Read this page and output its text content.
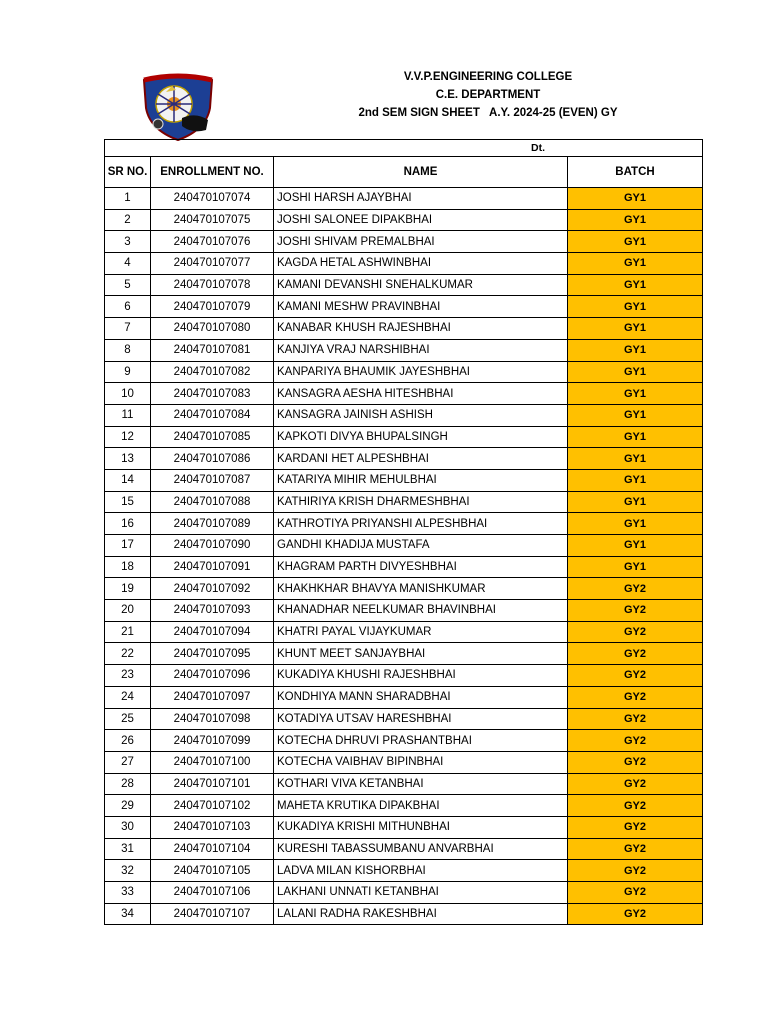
V.V.P.ENGINEERING COLLEGE
C.E. DEPARTMENT
2nd SEM SIGN SHEET   A.Y. 2024-25 (EVEN) GY
Dt.			
SR NO.	ENROLLMENT NO.	NAME	BATCH
1	240470107074	JOSHI HARSH AJAYBHAI	GY1
2	240470107075	JOSHI SALONEE DIPAKBHAI	GY1
3	240470107076	JOSHI SHIVAM PREMALBHAI	GY1
4	240470107077	KAGDA HETAL ASHWINBHAI	GY1
5	240470107078	KAMANI DEVANSHI SNEHALKUMAR	GY1
6	240470107079	KAMANI MESHW PRAVINBHAI	GY1
7	240470107080	KANABAR KHUSH RAJESHBHAI	GY1
8	240470107081	KANJIYA VRAJ NARSHIBHAI	GY1
9	240470107082	KANPARIYA BHAUMIK JAYESHBHAI	GY1
10	240470107083	KANSAGRA AESHA HITESHBHAI	GY1
11	240470107084	KANSAGRA JAINISH ASHISH	GY1
12	240470107085	KAPKOTI DIVYA BHUPALSINGH	GY1
13	240470107086	KARDANI HET ALPESHBHAI	GY1
14	240470107087	KATARIYA MIHIR MEHULBHAI	GY1
15	240470107088	KATHIRIYA KRISH DHARMESHBHAI	GY1
16	240470107089	KATHROTIYA PRIYANSHI ALPESHBHAI	GY1
17	240470107090	GANDHI KHADIJA MUSTAFA	GY1
18	240470107091	KHAGRAM PARTH DIVYESHBHAI	GY1
19	240470107092	KHAKHKHAR BHAVYA MANISHKUMAR	GY2
20	240470107093	KHANADHAR NEELKUMAR BHAVINBHAI	GY2
21	240470107094	KHATRI PAYAL VIJAYKUMAR	GY2
22	240470107095	KHUNT MEET SANJAYBHAI	GY2
23	240470107096	KUKADIYA KHUSHI RAJESHBHAI	GY2
24	240470107097	KONDHIYA MANN SHARADBHAI	GY2
25	240470107098	KOTADIYA UTSAV HARESHBHAI	GY2
26	240470107099	KOTECHA DHRUVI PRASHANTBHAI	GY2
27	240470107100	KOTECHA VAIBHAV BIPINBHAI	GY2
28	240470107101	KOTHARI VIVA KETANBHAI	GY2
29	240470107102	MAHETA KRUTIKA DIPAKBHAI	GY2
30	240470107103	KUKADIYA KRISHI MITHUNBHAI	GY2
31	240470107104	KURESHI TABASSUMBANU ANVARBHAI	GY2
32	240470107105	LADVA MILAN KISHORBHAI	GY2
33	240470107106	LAKHANI UNNATI KETANBHAI	GY2
34	240470107107	LALANI RADHA RAKESHBHAI	GY2
